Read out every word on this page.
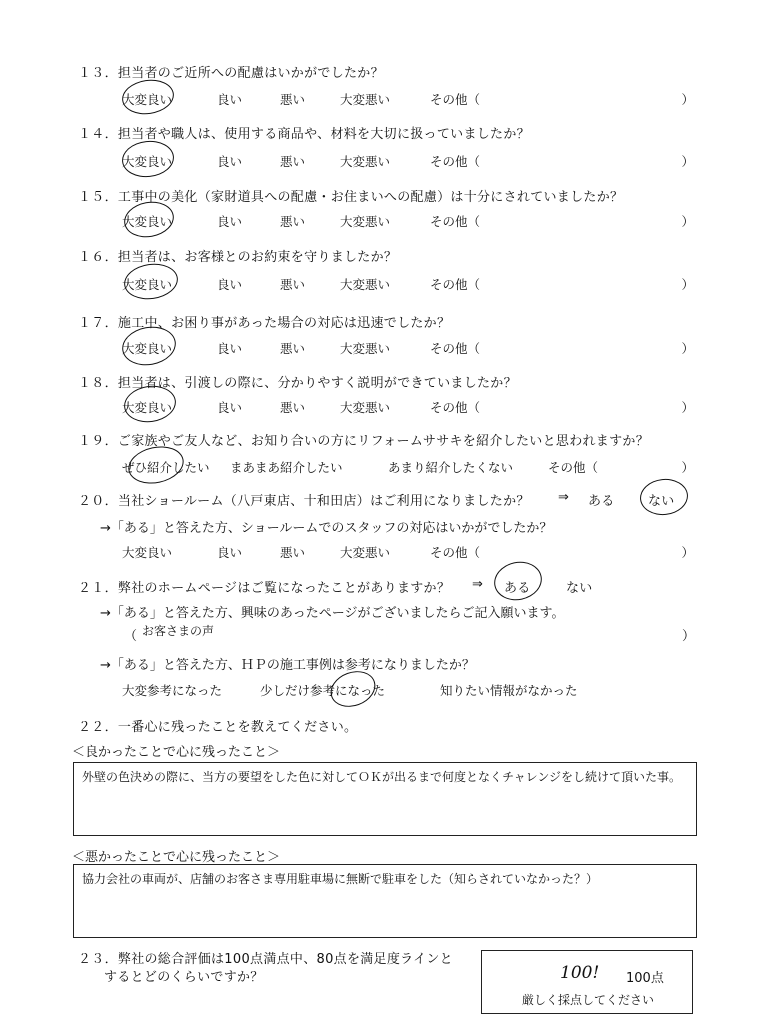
１３．担当者のご近所への配慮はいかがでしたか？
大変良い	良い	悪い	大変悪い	その他（	）
１４．担当者や職人は、使用する商品や、材料を大切に扱っていましたか？
大変良い	良い	悪い	大変悪い	その他（	）
１５．工事中の美化（家財道具への配慮・お住まいへの配慮）は十分にされていましたか？
大変良い	良い	悪い	大変悪い	その他（	）
１６．担当者は、お客様とのお約束を守りましたか？
大変良い	良い	悪い	大変悪い	その他（	）
１７．施工中、お困り事があった場合の対応は迅速でしたか？
大変良い	良い	悪い	大変悪い	その他（	）
１８．担当者は、引渡しの際に、分かりやすく説明ができていましたか？
大変良い	良い	悪い	大変悪い	その他（	）
１９．ご家族やご友人など、お知り合いの方にリフォームササキを紹介したいと思われますか？
ぜひ紹介したい まあまあ紹介したい	あまり紹介したくない	その他（	）
２０．当社ショールーム（八戸東店、十和田店）はご利用になりましたか？ ⇒ ある	ない
→「ある」と答えた方、ショールームでのスタッフの対応はいかがでしたか？
大変良い	良い	悪い	大変悪い	その他（	）
２１．弊社のホームページはご覧になったことがありますか？ ⇒ ある	ない
→「ある」と答えた方、興味のあったページがございましたらご記入願います。
（ お客さまの声	）
→「ある」と答えた方、ＨＰの施工事例は参考になりましたか？
大変参考になった	少しだけ参考になった	知りたい情報がなかった
２２．一番心に残ったことを教えてください。
＜良かったことで心に残ったこと＞
外壁の色決めの際に、当方の要望をした色に対してＯＫが出るまで何度となくチャレンジをし続けて頂いた事。
＜悪かったことで心に残ったこと＞
協力会社の車両が、店舗のお客さま専用駐車場に無断で駐車をした（知らされていなかった？）
２３．弊社の総合評価は100点満点中、80点を満足度ラインと
するとどのくらいですか？	100! 100点
厳しく採点してください
